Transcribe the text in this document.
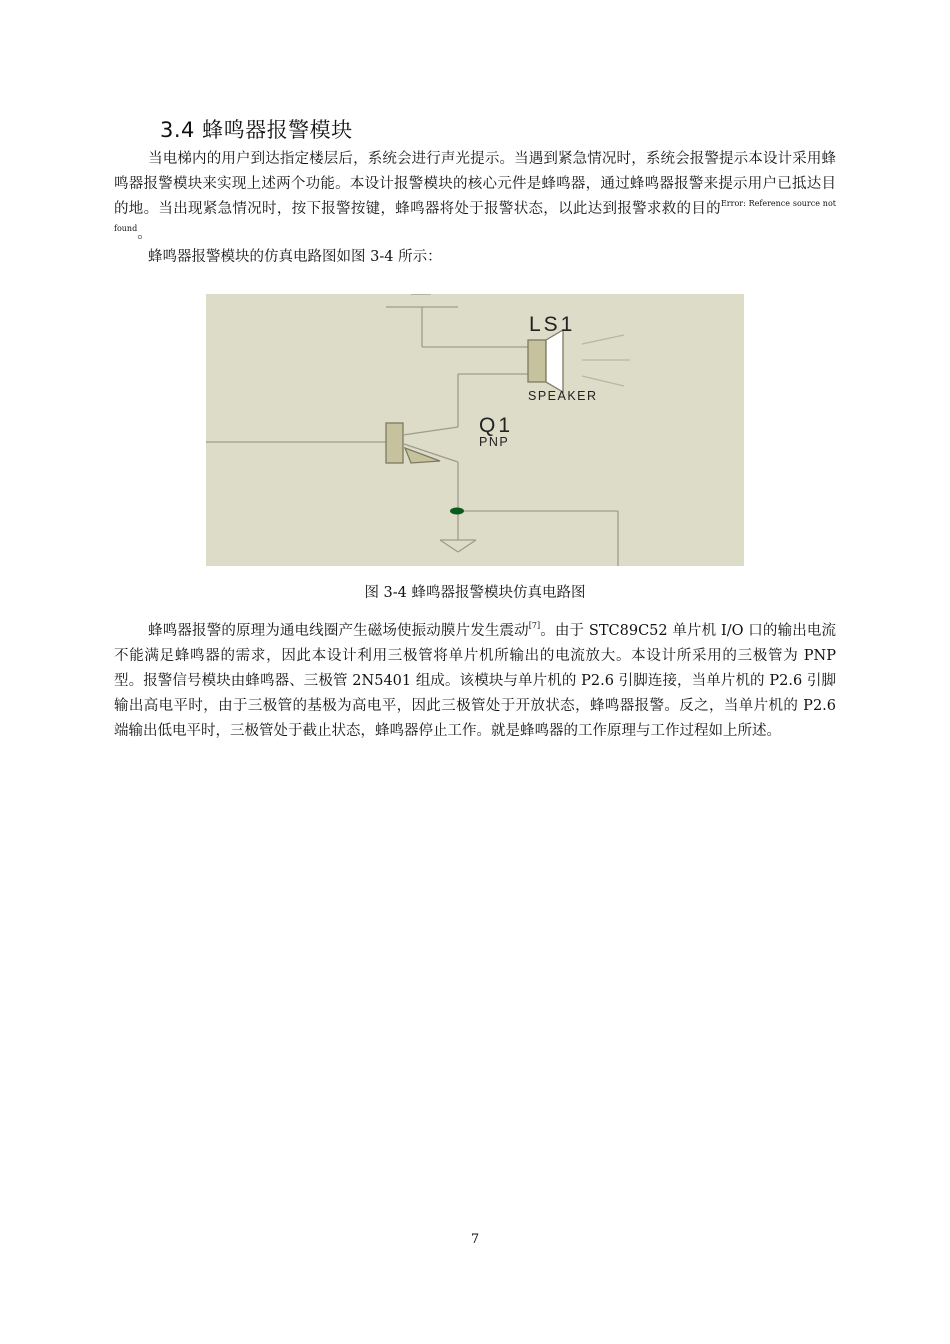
3.4 蜂鸣器报警模块
当电梯内的用户到达指定楼层后，系统会进行声光提示。当遇到紧急情况时，系统会报警提示本设计采用蜂鸣器报警模块来实现上述两个功能。本设计报警模块的核心元件是蜂鸣器，通过蜂鸣器报警来提示用户已抵达目的地。当出现紧急情况时，按下报警按键，蜂鸣器将处于报警状态，以此达到报警求救的目的$^{Error: Reference source not found}$。
蜂鸣器报警模块的仿真电路图如图 3-4 所示：
LS1
SPEAKER
Q1
PNP
图 3-4 蜂鸣器报警模块仿真电路图
蜂鸣器报警的原理为通电线圈产生磁场使振动膜片发生震动[7]。由于 STC89C52 单片机 I/O 口的输出电流不能满足蜂鸣器的需求，因此本设计利用三极管将单片机所输出的电流放大。本设计所采用的三极管为 PNP 型。报警信号模块由蜂鸣器、三极管 2N5401 组成。该模块与单片机的 P2.6 引脚连接，当单片机的 P2.6 引脚输出高电平时，由于三极管的基极为高电平，因此三极管处于开放状态，蜂鸣器报警。反之，当单片机的 P2.6 端输出低电平时，三极管处于截止状态，蜂鸣器停止工作。就是蜂鸣器的工作原理与工作过程如上所述。
7
